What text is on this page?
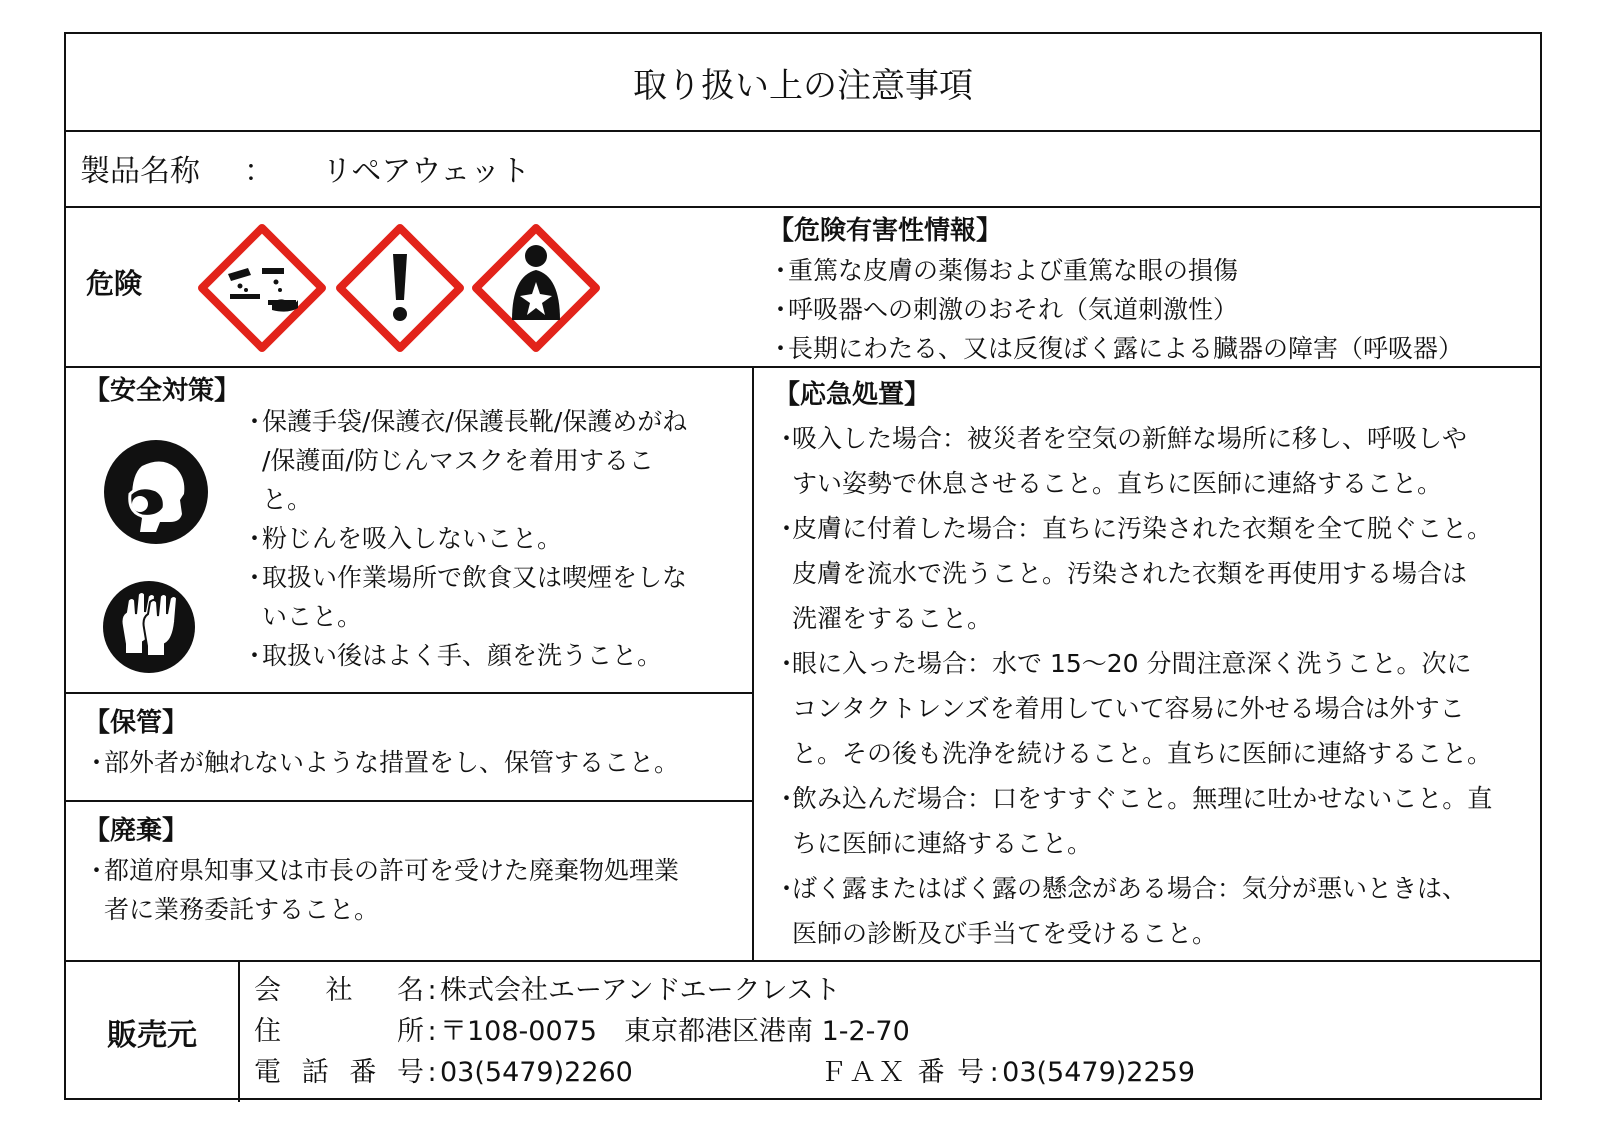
取り扱い上の注意事項
製品名称 ： リペアウェット
危険
【危険有害性情報】
・
重篤な皮膚の薬傷および重篤な眼の損傷
・
呼吸器への刺激のおそれ（気道刺激性）
・
長期にわたる、又は反復ばく露による臓器の障害（呼吸器）
【安全対策】
・
保護手袋/保護衣/保護長靴/保護めがね
/保護面/防じんマスクを着用するこ
と。
・
粉じんを吸入しないこと。
・
取扱い作業場所で飲食又は喫煙をしな
いこと。
・
取扱い後はよく手、顔を洗うこと。
【保管】
・
部外者が触れないような措置をし、保管すること。
【廃棄】
・
都道府県知事又は市長の許可を受けた廃棄物処理業
者に業務委託すること。
【応急処置】
・
吸入した場合：被災者を空気の新鮮な場所に移し、呼吸しや
すい姿勢で休息させること。直ちに医師に連絡すること。
・
皮膚に付着した場合：直ちに汚染された衣類を全て脱ぐこと。
皮膚を流水で洗うこと。汚染された衣類を再使用する場合は
洗濯をすること。
・
眼に入った場合：水で 15～20 分間注意深く洗うこと。次に
コンタクトレンズを着用していて容易に外せる場合は外すこ
と。その後も洗浄を続けること。直ちに医師に連絡すること。
・
飲み込んだ場合：口をすすぐこと。無理に吐かせないこと。直
ちに医師に連絡すること。
・
ばく露またはばく露の懸念がある場合：気分が悪いときは、
医師の診断及び手当てを受けること。
販売元
会 社 名 : 株式会社エーアンドエークレスト
住	所 : 〒108-0075　東京都港区港南 1-2-70
電 話 番 号 : 03(5479)2260	ＦＡＸ 番 号 : 03(5479)2259
